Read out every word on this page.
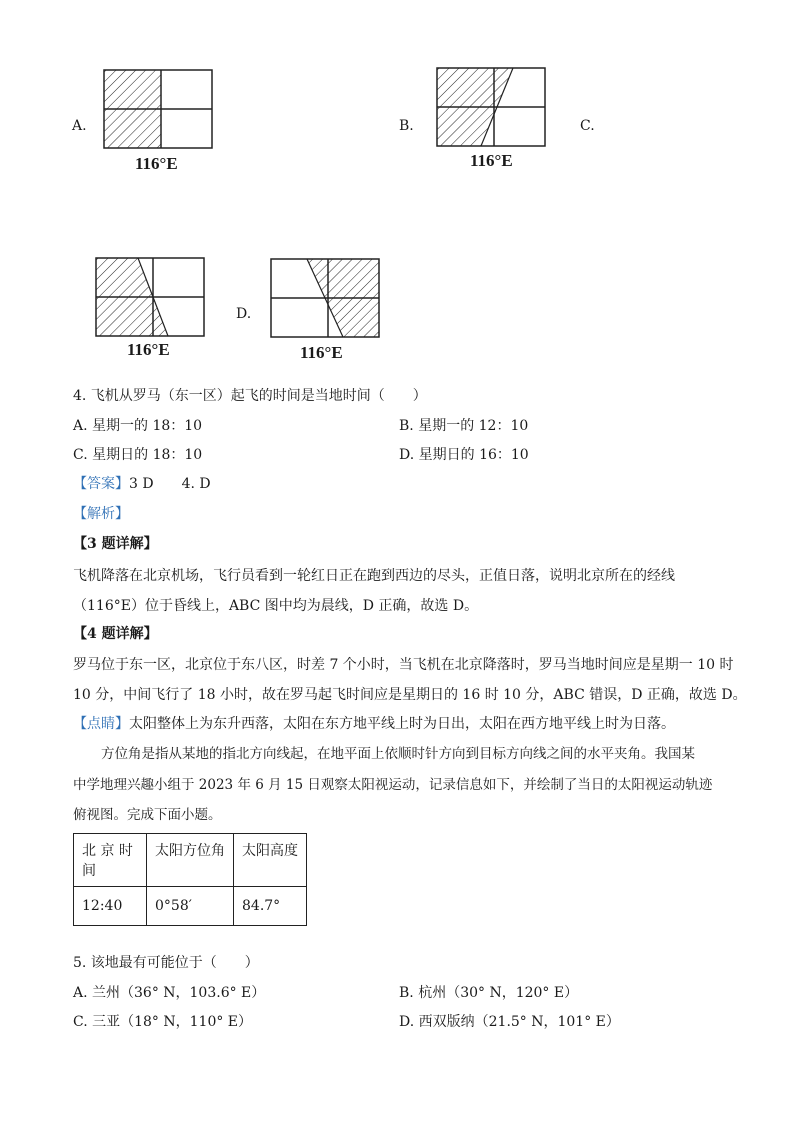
A.
116°E
B.
116°E
C.
116°E
D.
116°E
4. 飞机从罗马（东一区）起飞的时间是当地时间（　　）
A. 星期一的 18：10	B. 星期一的 12：10
C. 星期日的 18：10	D. 星期日的 16：10
【答案】3 D　　4. D
【解析】
【3 题详解】
飞机降落在北京机场，飞行员看到一轮红日正在跑到西边的尽头，正值日落，说明北京所在的经线
（116°E）位于昏线上，ABC 图中均为晨线，D 正确，故选 D。
【4 题详解】
罗马位于东一区，北京位于东八区，时差 7 个小时，当飞机在北京降落时，罗马当地时间应是星期一 10 时
10 分，中间飞行了 18 小时，故在罗马起飞时间应是星期日的 16 时 10 分，ABC 错误，D 正确，故选 D。
【点睛】太阳整体上为东升西落，太阳在东方地平线上时为日出，太阳在西方地平线上时为日落。
方位角是指从某地的指北方向线起，在地平面上依顺时针方向到目标方向线之间的水平夹角。我国某
中学地理兴趣小组于 2023 年 6 月 15 日观察太阳视运动，记录信息如下，并绘制了当日的太阳视运动轨迹
俯视图。完成下面小题。
北 京 时 间	太阳方位角	太阳高度
12:40	0°58′	84.7°
5. 该地最有可能位于（　　）
A. 兰州（36° N，103.6° E）	B. 杭州（30° N，120° E）
C. 三亚（18° N，110° E）	D. 西双版纳（21.5° N，101° E）
